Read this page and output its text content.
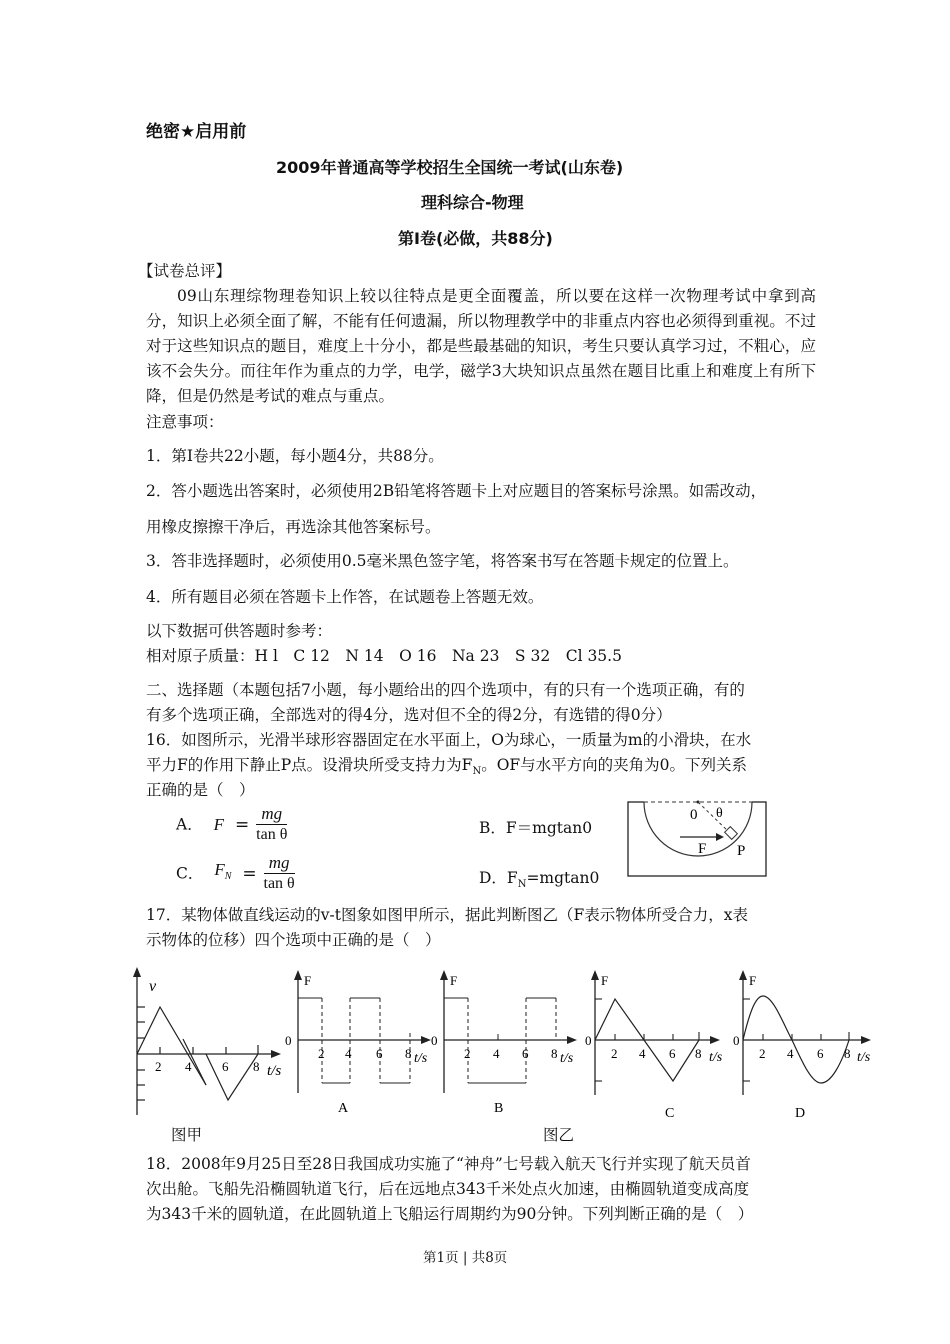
绝密★启用前
2009年普通高等学校招生全国统一考试(山东卷)
理科综合-物理
第Ⅰ卷(必做，共88分)
【试卷总评】
09山东理综物理卷知识上较以往特点是更全面覆盖，所以要在这样一次物理考试中拿到高分，知识上必须全面了解，不能有任何遗漏，所以物理教学中的非重点内容也必须得到重视。不过对于这些知识点的题目，难度上十分小，都是些最基础的知识，考生只要认真学习过，不粗心，应该不会失分。而往年作为重点的力学，电学，磁学3大块知识点虽然在题目比重上和难度上有所下降，但是仍然是考试的难点与重点。
注意事项：
1．第I卷共22小题，每小题4分，共88分。
2．答小题选出答案时，必须使用2B铅笔将答题卡上对应题目的答案标号涂黑。如需改动，
用橡皮擦擦干净后，再选涂其他答案标号。
3．答非选择题时，必须使用0.5毫米黑色签字笔，将答案书写在答题卡规定的位置上。
4．所有题目必须在答题卡上作答，在试题卷上答题无效。
以下数据可供答题时参考：
相对原子质量：H l　C 12　N 14　O 16　Na 23　S 32　Cl 35.5
二、选择题（本题包括7小题，每小题给出的四个选项中，有的只有一个选项正确，有的
有多个选项正确，全部选对的得4分，选对但不全的得2分，有选错的得0分）
16．如图所示，光滑半球形容器固定在水平面上，O为球心，一质量为m的小滑块，在水
平力F的作用下静止P点。设滑块所受支持力为$F_N$。OF与水平方向的夹角为0。下列关系
正确的是（　）
A． $F = \frac{mg}{\text{tan θ}}$	B．F＝mgtan0
C． $F_N = \frac{mg}{\text{tan θ}}$	D．$F_N=mgtan0$
0 θ
F P
17．某物体做直线运动的v-t图象如图甲所示，据此判断图乙（F表示物体所受合力，x表
示物体的位移）四个选项中正确的是（　）
v
2 4 6 8 t/s
图甲
F
0
2 4 6 8 t/s
A
F
0
2 4 6 8 t/s
B
图乙
F
0
2 4 6 8 t/s
C
F
0
2 4 6 8 t/s
D
18．2008年9月25日至28日我国成功实施了“神舟”七号载入航天飞行并实现了航天员首
次出舱。飞船先沿椭圆轨道飞行，后在远地点343千米处点火加速，由椭圆轨道变成高度
为343千米的圆轨道，在此圆轨道上飞船运行周期约为90分钟。下列判断正确的是（　）
第1页 | 共8页
